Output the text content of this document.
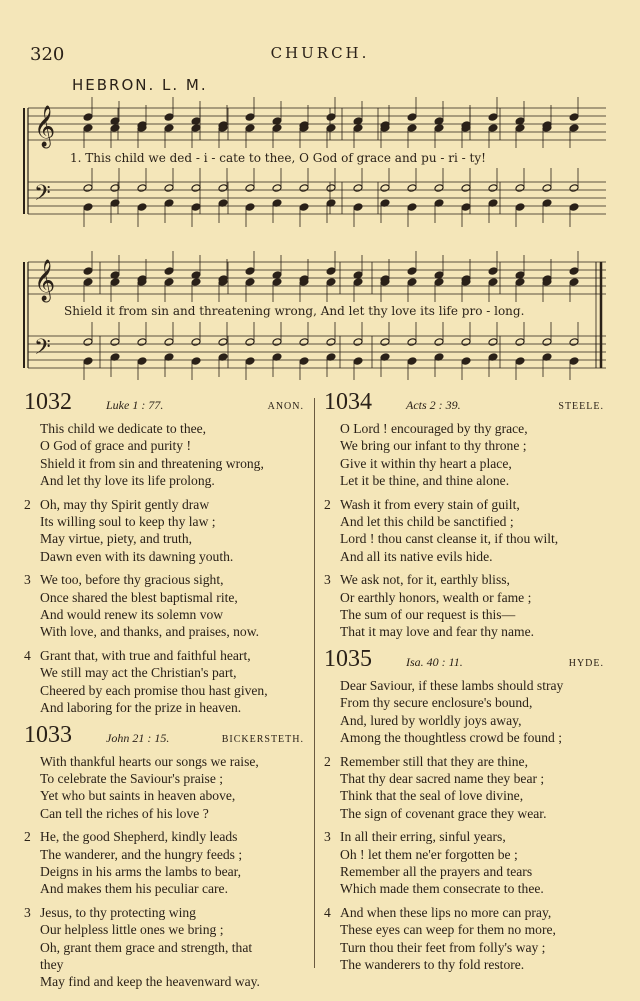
320	CHURCH.
HEBRON. L. M.
𝄞
𝄢
𝄞
𝄢
1. This child we ded - i - cate to thee, O God of grace and pu - ri - ty!
Shield it from sin and threatening wrong, And let thy love its life pro - long.
1032	Luke 1 : 77.	ANON.
This child we dedicate to thee,
O God of grace and purity !
Shield it from sin and threatening wrong,
And let thy love its life prolong.
2 Oh, may thy Spirit gently draw
Its willing soul to keep thy law ;
May virtue, piety, and truth,
Dawn even with its dawning youth.
3 We too, before thy gracious sight,
Once shared the blest baptismal rite,
And would renew its solemn vow
With love, and thanks, and praises, now.
4 Grant that, with true and faithful heart,
We still may act the Christian's part,
Cheered by each promise thou hast given,
And laboring for the prize in heaven.
1033	John 21 : 15.	BICKERSTETH.
With thankful hearts our songs we raise,
To celebrate the Saviour's praise ;
Yet who but saints in heaven above,
Can tell the riches of his love ?
2 He, the good Shepherd, kindly leads
The wanderer, and the hungry feeds ;
Deigns in his arms the lambs to bear,
And makes them his peculiar care.
3 Jesus, to thy protecting wing
Our helpless little ones we bring ;
Oh, grant them grace and strength, that
they
May find and keep the heavenward way.
1034	Acts 2 : 39.	STEELE.
O Lord ! encouraged by thy grace,
We bring our infant to thy throne ;
Give it within thy heart a place,
Let it be thine, and thine alone.
2 Wash it from every stain of guilt,
And let this child be sanctified ;
Lord ! thou canst cleanse it, if thou wilt,
And all its native evils hide.
3 We ask not, for it, earthly bliss,
Or earthly honors, wealth or fame ;
The sum of our request is this—
That it may love and fear thy name.
1035	Isa. 40 : 11.	HYDE.
Dear Saviour, if these lambs should stray
From thy secure enclosure's bound,
And, lured by worldly joys away,
Among the thoughtless crowd be found ;
2 Remember still that they are thine,
That thy dear sacred name they bear ;
Think that the seal of love divine,
The sign of covenant grace they wear.
3 In all their erring, sinful years,
Oh ! let them ne'er forgotten be ;
Remember all the prayers and tears
Which made them consecrate to thee.
4 And when these lips no more can pray,
These eyes can weep for them no more,
Turn thou their feet from folly's way ;
The wanderers to thy fold restore.
